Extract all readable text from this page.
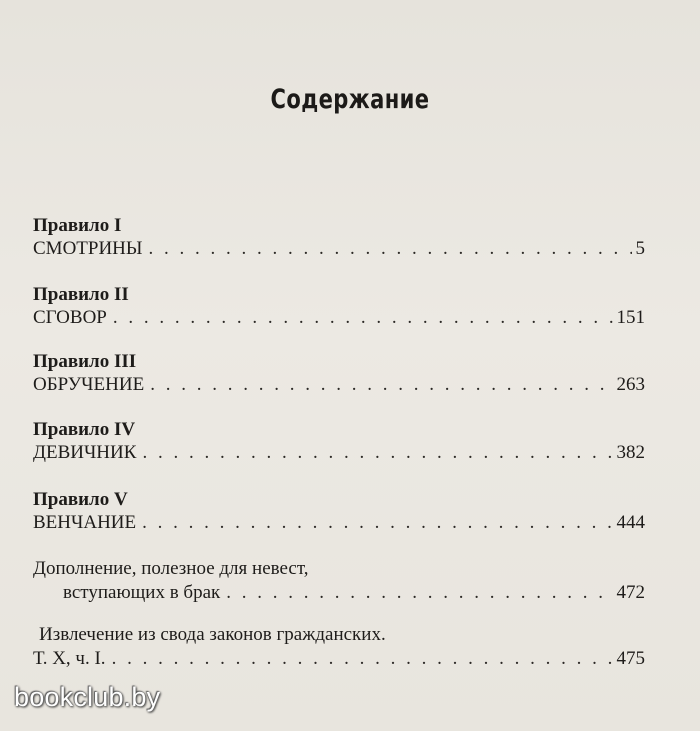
Содержание
Правило I
СМОТРИНЫ . . .	5
Правило II
СГОВОР . . .	151
Правило III
ОБРУЧЕНИЕ . . .	263
Правило IV
ДЕВИЧНИК . . .	382
Правило V
ВЕНЧАНИЕ . . .	444
Дополнение, полезное для невест,
вступающих в брак . . .	472
Извлечение из свода законов гражданских.
Т. X, ч. I. . . .	475
bookclub.by
